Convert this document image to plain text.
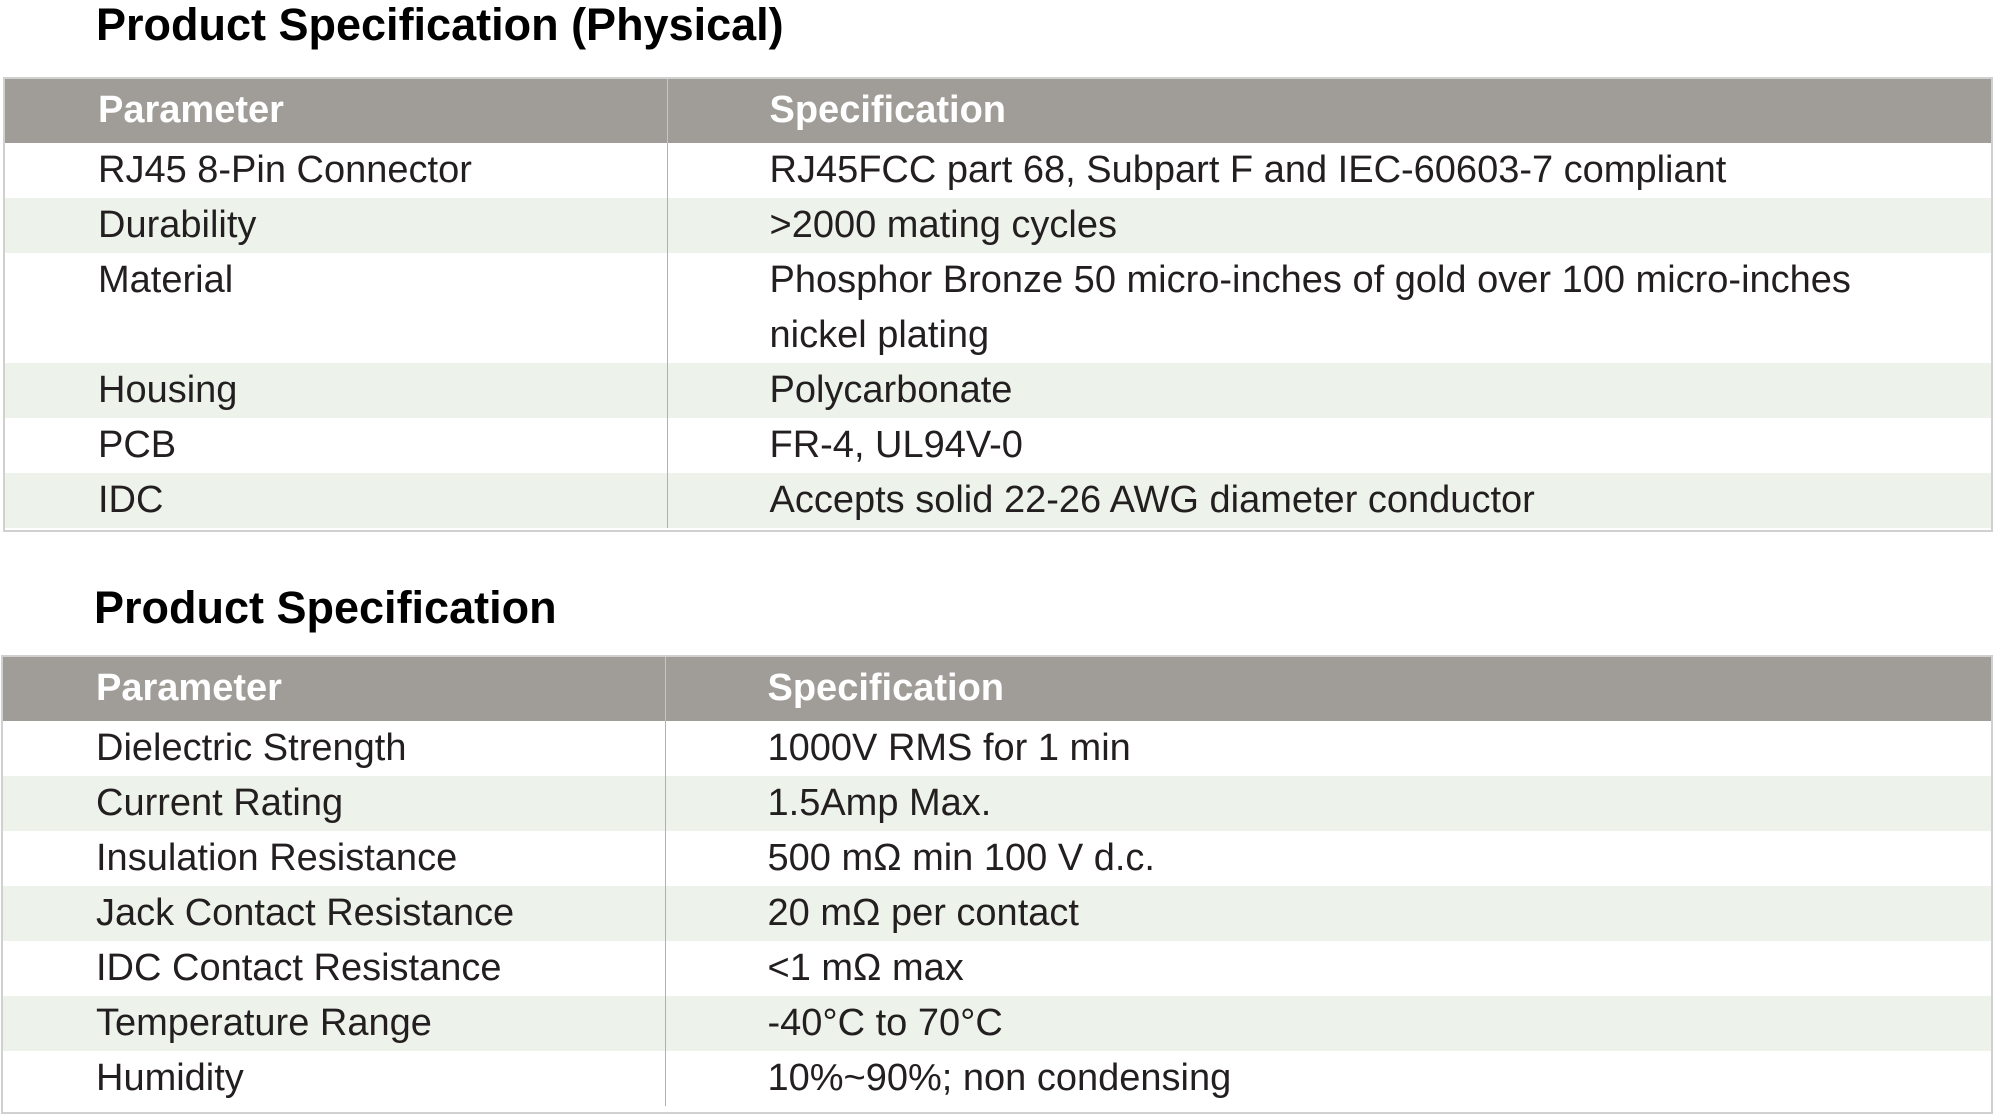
Product Specification (Physical)
Parameter	Specification
RJ45 8-Pin Connector	RJ45FCC part 68, Subpart F and IEC-60603-7 compliant
Durability	>2000 mating cycles
Material	Phosphor Bronze 50 micro-inches of gold over 100 micro-inches nickel plating
Housing	Polycarbonate
PCB	FR-4, UL94V-0
IDC	Accepts solid 22-26 AWG diameter conductor
Product Specification
Parameter	Specification
Dielectric Strength	1000V RMS for 1 min
Current Rating	1.5Amp Max.
Insulation Resistance	500 mΩ min 100 V d.c.
Jack Contact Resistance	20 mΩ per contact
IDC Contact Resistance	<1 mΩ max
Temperature Range	-40°C to 70°C
Humidity	10%~90%; non condensing
